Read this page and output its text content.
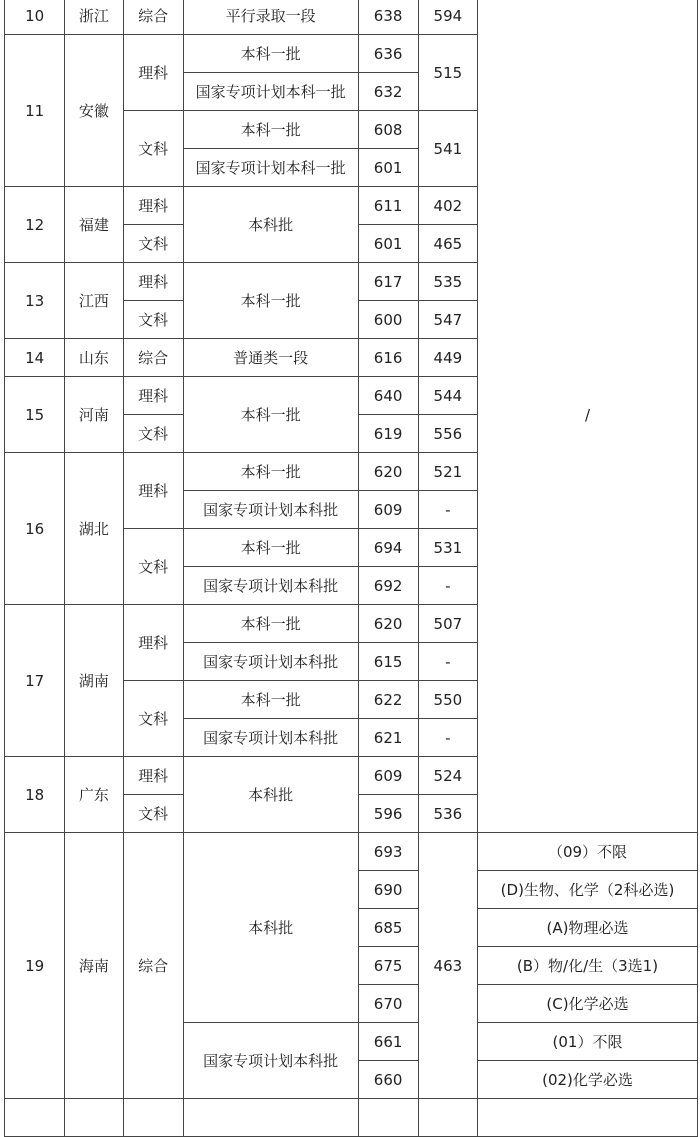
10	浙江	综合	平行录取一段	638	594	/
11	安徽	理科	本科一批	636	515	
			国家专项计划本科一批	632		
		文科	本科一批	608	541	
			国家专项计划本科一批	601		
12	福建	理科	本科批	611	402	
		文科		601	465	
13	江西	理科	本科一批	617	535	
		文科		600	547	
14	山东	综合	普通类一段	616	449	
15	河南	理科	本科一批	640	544	
		文科		619	556	
16	湖北	理科	本科一批	620	521	
			国家专项计划本科批	609	-	
		文科	本科一批	694	531	
			国家专项计划本科批	692	-	
17	湖南	理科	本科一批	620	507	
			国家专项计划本科批	615	-	
		文科	本科一批	622	550	
			国家专项计划本科批	621	-	
18	广东	理科	本科批	609	524	
		文科		596	536	
19	海南	综合	本科批	693	463	（09）不限
				690		(D)生物、化学（2科必选)
				685		(A)物理必选
				675		(B）物/化/生（3选1)
				670		(C)化学必选
			国家专项计划本科批	661		(01）不限
				660		(02)化学必选
